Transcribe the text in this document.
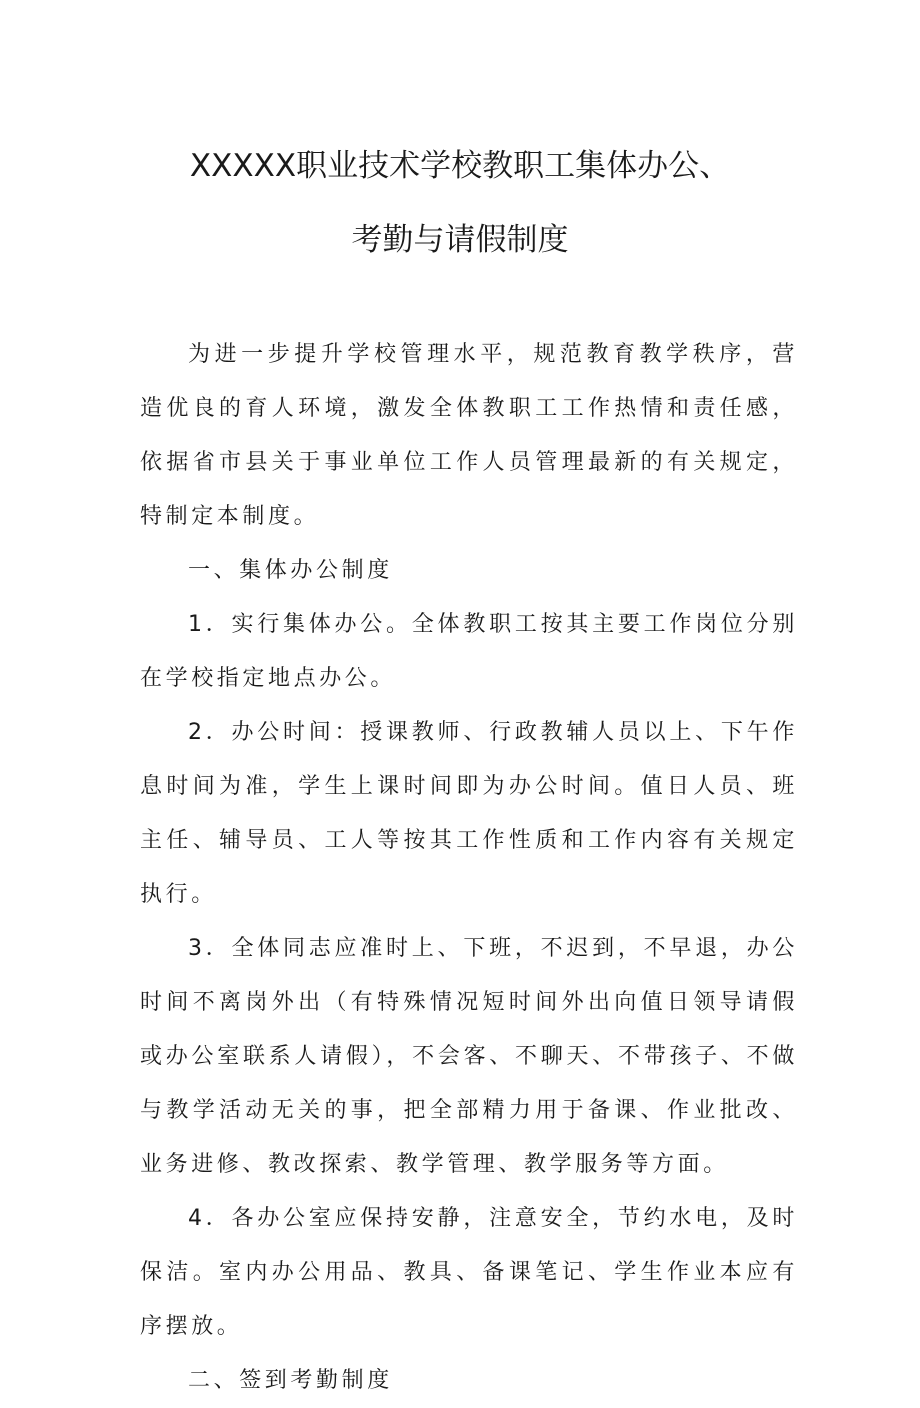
XXXXX职业技术学校教职工集体办公、
考勤与请假制度

为进一步提升学校管理水平，规范教育教学秩序，营造优良的育人环境，激发全体教职工工作热情和责任感，依据省市县关于事业单位工作人员管理最新的有关规定，特制定本制度。

一、集体办公制度

1．实行集体办公。全体教职工按其主要工作岗位分别在学校指定地点办公。

2．办公时间：授课教师、行政教辅人员以上、下午作息时间为准，学生上课时间即为办公时间。值日人员、班主任、辅导员、工人等按其工作性质和工作内容有关规定执行。

3．全体同志应准时上、下班，不迟到，不早退，办公时间不离岗外出（有特殊情况短时间外出向值日领导请假或办公室联系人请假），不会客、不聊天、不带孩子、不做与教学活动无关的事，把全部精力用于备课、作业批改、业务进修、教改探索、教学管理、教学服务等方面。

4．各办公室应保持安静，注意安全，节约水电，及时保洁。室内办公用品、教具、备课笔记、学生作业本应有序摆放。

二、签到考勤制度
